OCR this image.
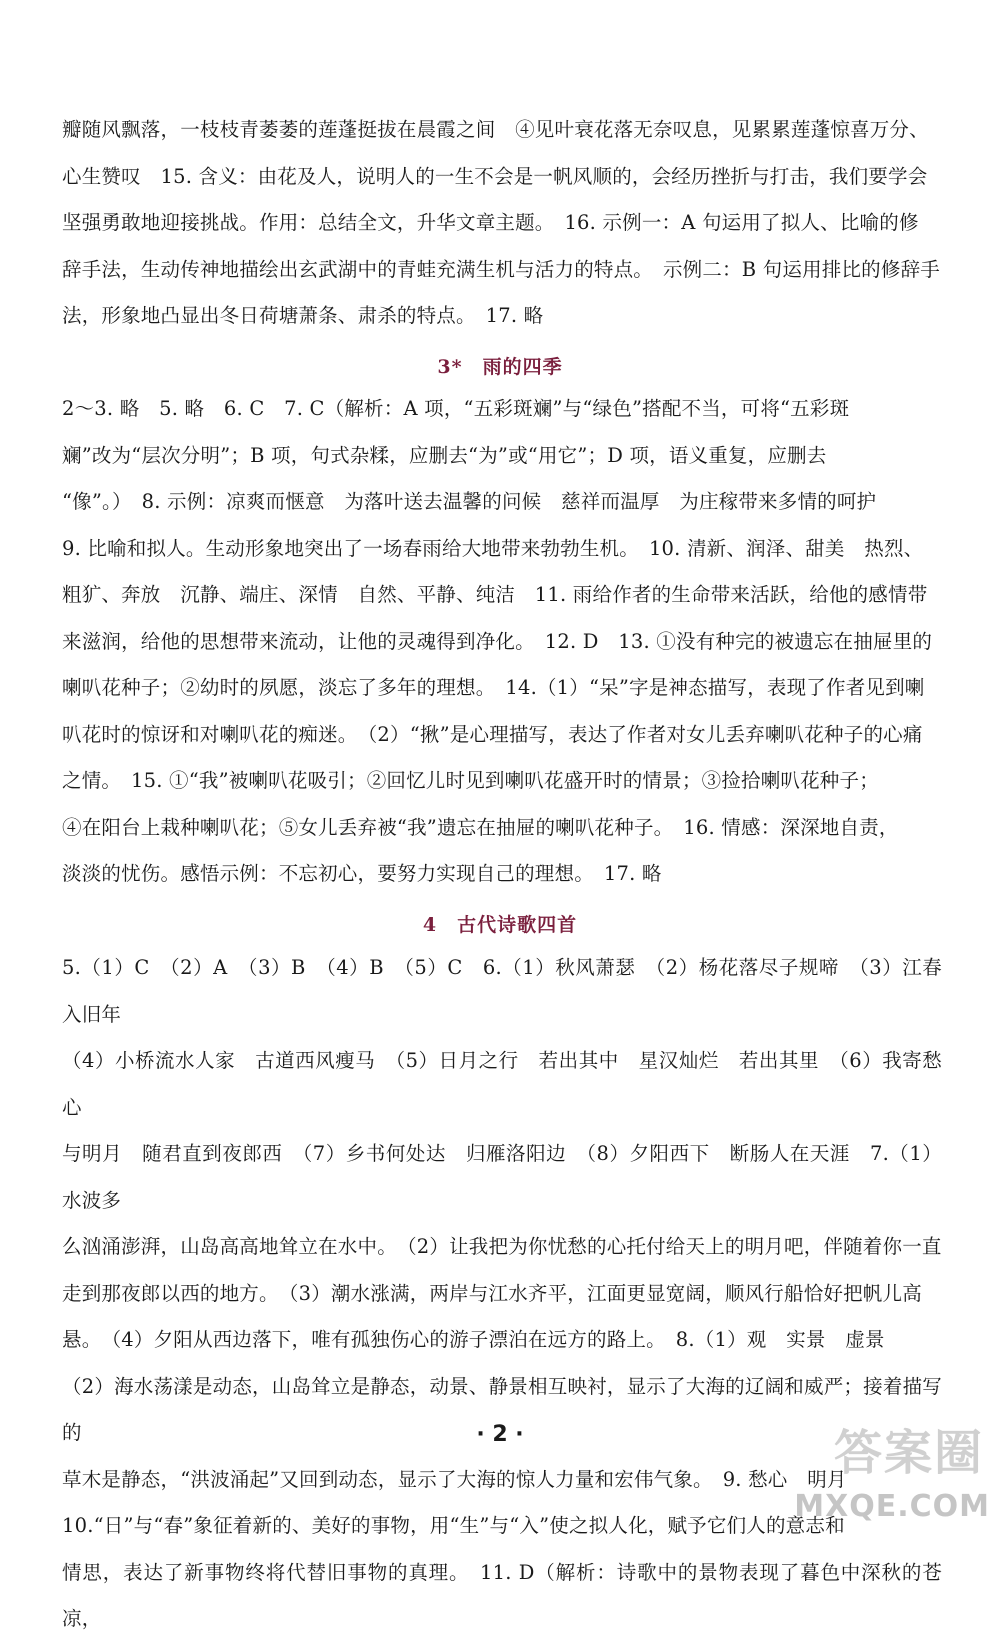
瓣随风飘落，一枝枝青萎萎的莲蓬挺拔在晨霞之间　④见叶衰花落无奈叹息，见累累莲蓬惊喜万分、

心生赞叹　15. 含义：由花及人，说明人的一生不会是一帆风顺的，会经历挫折与打击，我们要学会

坚强勇敢地迎接挑战。作用：总结全文，升华文章主题。　16. 示例一：A 句运用了拟人、比喻的修

辞手法，生动传神地描绘出玄武湖中的青蛙充满生机与活力的特点。　示例二：B 句运用排比的修辞手

法，形象地凸显出冬日荷塘萧条、肃杀的特点。　17. 略

3*　雨的四季

2～3. 略　5. 略　6. C　7. C（解析：A 项，“五彩斑斓”与“绿色”搭配不当，可将“五彩斑

斓”改为“层次分明”；B 项，句式杂糅，应删去“为”或“用它”；D 项，语义重复，应删去

“像”。）　8. 示例：凉爽而惬意　为落叶送去温馨的问候　慈祥而温厚　为庄稼带来多情的呵护

9. 比喻和拟人。生动形象地突出了一场春雨给大地带来勃勃生机。　10. 清新、润泽、甜美　热烈、

粗犷、奔放　沉静、端庄、深情　自然、平静、纯洁　11. 雨给作者的生命带来活跃，给他的感情带

来滋润，给他的思想带来流动，让他的灵魂得到净化。　12. D　13. ①没有种完的被遗忘在抽屉里的

喇叭花种子；②幼时的夙愿，淡忘了多年的理想。　14.（1）“呆”字是神态描写，表现了作者见到喇

叭花时的惊讶和对喇叭花的痴迷。　（2）“揪”是心理描写，表达了作者对女儿丢弃喇叭花种子的心痛

之情。　15. ①“我”被喇叭花吸引；②回忆儿时见到喇叭花盛开时的情景；③捡拾喇叭花种子；

④在阳台上栽种喇叭花；⑤女儿丢弃被“我”遗忘在抽屉的喇叭花种子。　16. 情感：深深地自责，

淡淡的忧伤。感悟示例：不忘初心，要努力实现自己的理想。　17. 略

4　古代诗歌四首

5.（1）C　（2）A　（3）B　（4）B　（5）C　6.（1）秋风萧瑟　（2）杨花落尽子规啼　（3）江春入旧年

（4）小桥流水人家　古道西风瘦马　（5）日月之行　若出其中　星汉灿烂　若出其里　（6）我寄愁心

与明月　随君直到夜郎西　（7）乡书何处达　归雁洛阳边　（8）夕阳西下　断肠人在天涯　7.（1）水波多

么汹涌澎湃，山岛高高地耸立在水中。　（2）让我把为你忧愁的心托付给天上的明月吧，伴随着你一直

走到那夜郎以西的地方。　（3）潮水涨满，两岸与江水齐平，江面更显宽阔，顺风行船恰好把帆儿高

悬。　（4）夕阳从西边落下，唯有孤独伤心的游子漂泊在远方的路上。　8.（1）观　实景　虚景

（2）海水荡漾是动态，山岛耸立是静态，动景、静景相互映衬，显示了大海的辽阔和威严；接着描写的

草木是静态，“洪波涌起”又回到动态，显示了大海的惊人力量和宏伟气象。　9. 愁心　明月

10.“日”与“春”象征着新的、美好的事物，用“生”与“入”使之拟人化，赋予它们人的意志和

情思，表达了新事物终将代替旧事物的真理。　11. D（解析：诗歌中的景物表现了暮色中深秋的苍凉，

· 2 ·	答案圈
MXQE.COM
